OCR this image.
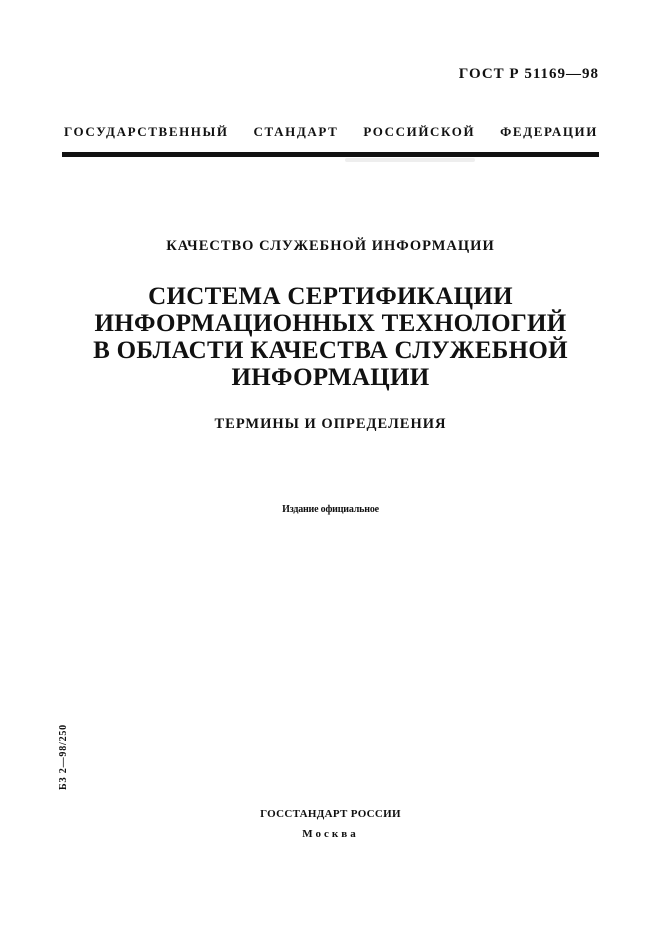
ГОСТ Р 51169—98
ГОСУДАРСТВЕННЫЙ СТАНДАРТ РОССИЙСКОЙ ФЕДЕРАЦИИ
КАЧЕСТВО СЛУЖЕБНОЙ ИНФОРМАЦИИ
СИСТЕМА СЕРТИФИКАЦИИ
ИНФОРМАЦИОННЫХ ТЕХНОЛОГИЙ
В ОБЛАСТИ КАЧЕСТВА СЛУЖЕБНОЙ
ИНФОРМАЦИИ
ТЕРМИНЫ И ОПРЕДЕЛЕНИЯ
Издание официальное
БЗ 2—98/250
ГОССТАНДАРТ РОССИИ
Москва
